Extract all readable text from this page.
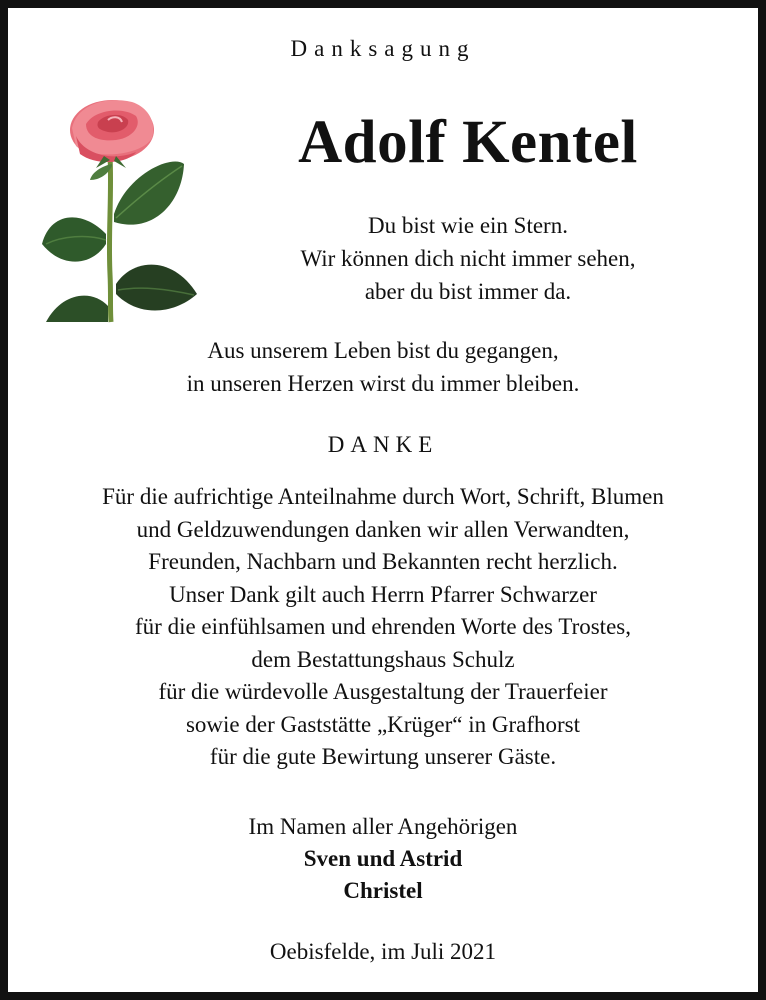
Danksagung
Adolf Kentel
Du bist wie ein Stern.
Wir können dich nicht immer sehen,
aber du bist immer da.
Aus unserem Leben bist du gegangen,
in unseren Herzen wirst du immer bleiben.
DANKE
Für die aufrichtige Anteilnahme durch Wort, Schrift, Blumen
und Geldzuwendungen danken wir allen Verwandten,
Freunden, Nachbarn und Bekannten recht herzlich.
Unser Dank gilt auch Herrn Pfarrer Schwarzer
für die einfühlsamen und ehrenden Worte des Trostes,
dem Bestattungshaus Schulz
für die würdevolle Ausgestaltung der Trauerfeier
sowie der Gaststätte „Krüger“ in Grafhorst
für die gute Bewirtung unserer Gäste.
Im Namen aller Angehörigen
Sven und Astrid
Christel
Oebisfelde, im Juli 2021
